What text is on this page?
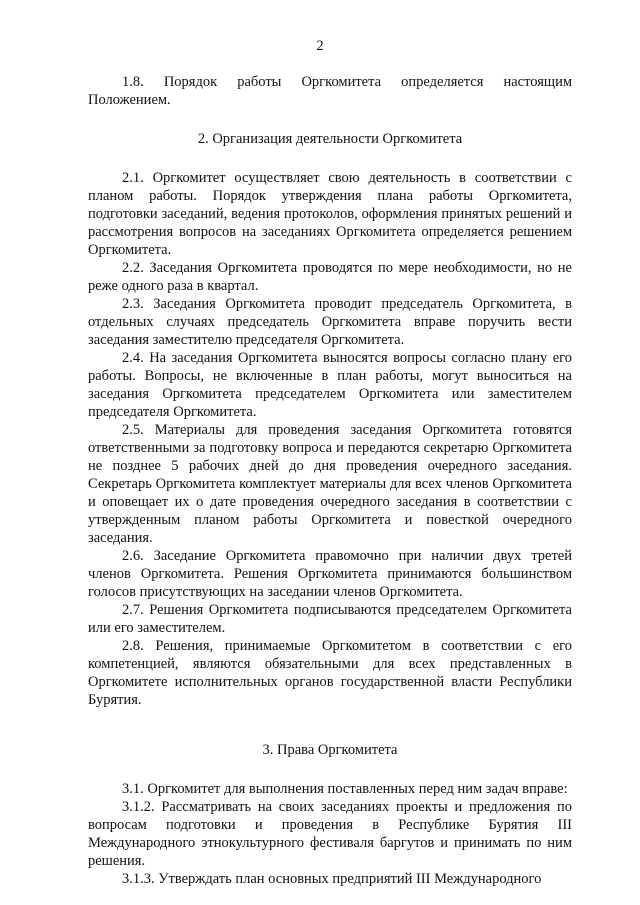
2

1.8. Порядок работы Оргкомитета определяется настоящим Положением.

2. Организация деятельности Оргкомитета

2.1. Оргкомитет осуществляет свою деятельность в соответствии с планом работы. Порядок утверждения плана работы Оргкомитета, подготовки заседаний, ведения протоколов, оформления принятых решений и рассмотрения вопросов на заседаниях Оргкомитета определяется решением Оргкомитета.

2.2. Заседания Оргкомитета проводятся по мере необходимости, но не реже одного раза в квартал.

2.3. Заседания Оргкомитета проводит председатель Оргкомитета, в отдельных случаях председатель Оргкомитета вправе поручить вести заседания заместителю председателя Оргкомитета.

2.4. На заседания Оргкомитета выносятся вопросы согласно плану его работы. Вопросы, не включенные в план работы, могут выноситься на заседания Оргкомитета председателем Оргкомитета или заместителем председателя Оргкомитета.

2.5. Материалы для проведения заседания Оргкомитета готовятся ответственными за подготовку вопроса и передаются секретарю Оргкомитета не позднее 5 рабочих дней до дня проведения очередного заседания. Секретарь Оргкомитета комплектует материалы для всех членов Оргкомитета и оповещает их о дате проведения очередного заседания в соответствии с утвержденным планом работы Оргкомитета и повесткой очередного заседания.

2.6. Заседание Оргкомитета правомочно при наличии двух третей членов Оргкомитета. Решения Оргкомитета принимаются большинством голосов присутствующих на заседании членов Оргкомитета.

2.7. Решения Оргкомитета подписываются председателем Оргкомитета или его заместителем.

2.8. Решения, принимаемые Оргкомитетом в соответствии с его компетенцией, являются обязательными для всех представленных в Оргкомитете исполнительных органов государственной власти Республики Бурятия.

3. Права Оргкомитета

3.1. Оргкомитет для выполнения поставленных перед ним задач вправе:

3.1.2. Рассматривать на своих заседаниях проекты и предложения по вопросам подготовки и проведения в Республике Бурятия III Международного этнокультурного фестиваля баргутов и принимать по ним решения.

3.1.3. Утверждать план основных предприятий III Международного
